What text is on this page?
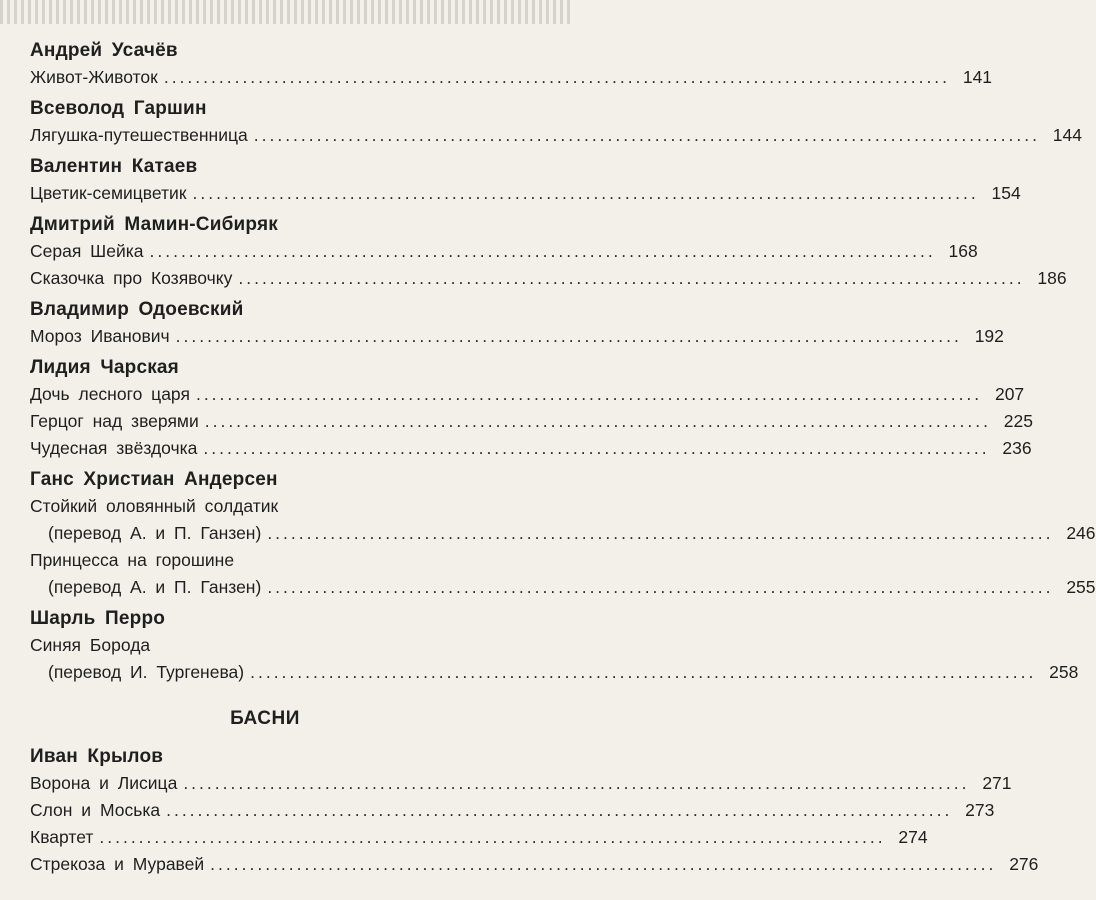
Андрей Усачёв
Живот-Животок .................................................................................................... 141
Всеволод Гаршин
Лягушка-путешественница .................................................................................................... 144
Валентин Катаев
Цветик-семицветик .................................................................................................... 154
Дмитрий Мамин-Сибиряк
Серая Шейка .................................................................................................... 168
Сказочка про Козявочку .................................................................................................... 186
Владимир Одоевский
Мороз Иванович .................................................................................................... 192
Лидия Чарская
Дочь лесного царя .................................................................................................... 207
Герцог над зверями .................................................................................................... 225
Чудесная звёздочка .................................................................................................... 236
Ганс Христиан Андерсен
Стойкий оловянный солдатик
(перевод А. и П. Ганзен) .................................................................................................... 246
Принцесса на горошине
(перевод А. и П. Ганзен) .................................................................................................... 255
Шарль Перро
Синяя Борода
(перевод И. Тургенева) .................................................................................................... 258
БАСНИ
Иван Крылов
Ворона и Лисица .................................................................................................... 271
Слон и Моська .................................................................................................... 273
Квартет .................................................................................................... 274
Стрекоза и Муравей .................................................................................................... 276
